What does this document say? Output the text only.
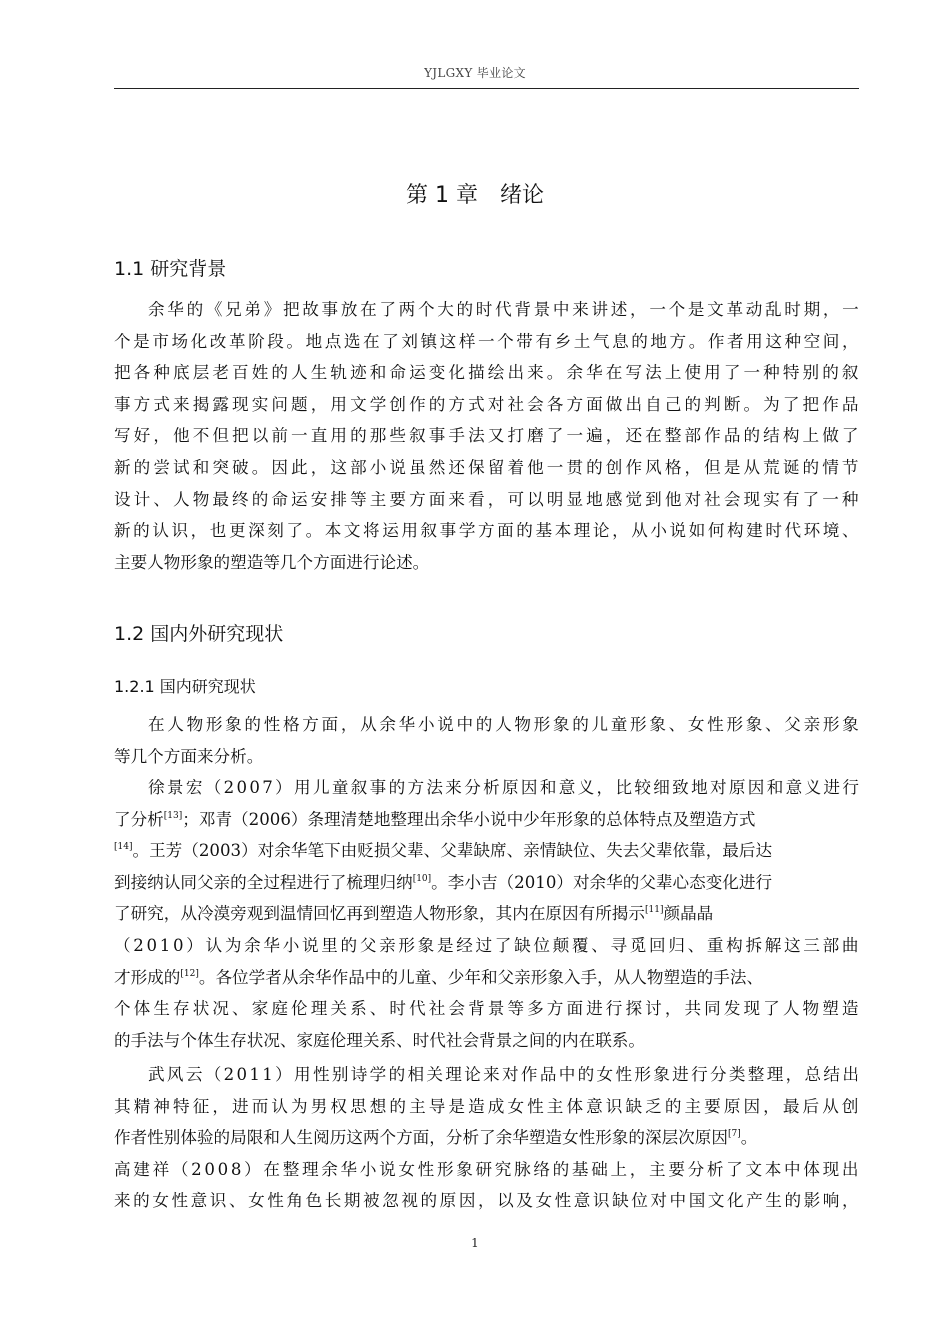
YJLGXY 毕业论文
第 1 章 绪论
1.1 研究背景
余 华 的 《 兄 弟 》 把 故 事 放 在 了 两 个 大 的 时 代 背 景 中 来 讲 述 ， 一 个 是 文 革 动 乱 时 期 ， 一
个 是 市 场 化 改 革 阶 段 。 地 点 选 在 了 刘 镇 这 样 一 个 带 有 乡 土 气 息 的 地 方 。 作 者 用 这 种 空 间 ，
把 各 种 底 层 老 百 姓 的 人 生 轨 迹 和 命 运 变 化 描 绘 出 来 。 余 华 在 写 法 上 使 用 了 一 种 特 别 的 叙
事 方 式 来 揭 露 现 实 问 题 ， 用 文 学 创 作 的 方 式 对 社 会 各 方 面 做 出 自 己 的 判 断 。 为 了 把 作 品
写 好 ， 他 不 但 把 以 前 一 直 用 的 那 些 叙 事 手 法 又 打 磨 了 一 遍 ， 还 在 整 部 作 品 的 结 构 上 做 了
新 的 尝 试 和 突 破 。 因 此 ， 这 部 小 说 虽 然 还 保 留 着 他 一 贯 的 创 作 风 格 ， 但 是 从 荒 诞 的 情 节
设 计 、 人 物 最 终 的 命 运 安 排 等 主 要 方 面 来 看 ， 可 以 明 显 地 感 觉 到 他 对 社 会 现 实 有 了 一 种
新 的 认 识 ， 也 更 深 刻 了 。 本 文 将 运 用 叙 事 学 方 面 的 基 本 理 论 ， 从 小 说 如 何 构 建 时 代 环 境 、
主要人物形象的塑造等几个方面进行论述。
1.2 国内外研究现状
1.2.1 国内研究现状
在 人 物 形 象 的 性 格 方 面 ， 从 余 华 小 说 中 的 人 物 形 象 的 儿 童 形 象 、 女 性 形 象 、 父 亲 形 象
等几个方面来分析。
徐 景 宏 （ 2 0 0 7 ） 用 儿 童 叙 事 的 方 法 来 分 析 原 因 和 意 义 ， 比 较 细 致 地 对 原 因 和 意 义 进 行
了分析[13]；邓青（2006）条理清楚地整理出余华小说中少年形象的总体特点及塑造方式
[14]。王芳（2003）对余华笔下由贬损父辈、父辈缺席、亲情缺位、失去父辈依靠，最后达
到接纳认同父亲的全过程进行了梳理归纳[10]。李小吉（2010）对余华的父辈心态变化进行
了研究，从冷漠旁观到温情回忆再到塑造人物形象，其内在原因有所揭示[11]颜晶晶
（ 2 0 1 0 ） 认 为 余 华 小 说 里 的 父 亲 形 象 是 经 过 了 缺 位 颠 覆 、 寻 觅 回 归 、 重 构 拆 解 这 三 部 曲
才形成的[12]。各位学者从余华作品中的儿童、少年和父亲形象入手，从人物塑造的手法、
个 体 生 存 状 况 、 家 庭 伦 理 关 系 、 时 代 社 会 背 景 等 多 方 面 进 行 探 讨 ， 共 同 发 现 了 人 物 塑 造
的手法与个体生存状况、家庭伦理关系、时代社会背景之间的内在联系。
武 风 云 （ 2 0 1 1 ） 用 性 别 诗 学 的 相 关 理 论 来 对 作 品 中 的 女 性 形 象 进 行 分 类 整 理 ， 总 结 出
其 精 神 特 征 ， 进 而 认 为 男 权 思 想 的 主 导 是 造 成 女 性 主 体 意 识 缺 乏 的 主 要 原 因 ， 最 后 从 创
作者性别体验的局限和人生阅历这两个方面，分析了余华塑造女性形象的深层次原因[7]。
高 建 祥 （ 2 0 0 8 ） 在 整 理 余 华 小 说 女 性 形 象 研 究 脉 络 的 基 础 上 ， 主 要 分 析 了 文 本 中 体 现 出
来 的 女 性 意 识 、 女 性 角 色 长 期 被 忽 视 的 原 因 ， 以 及 女 性 意 识 缺 位 对 中 国 文 化 产 生 的 影 响 ，
1
